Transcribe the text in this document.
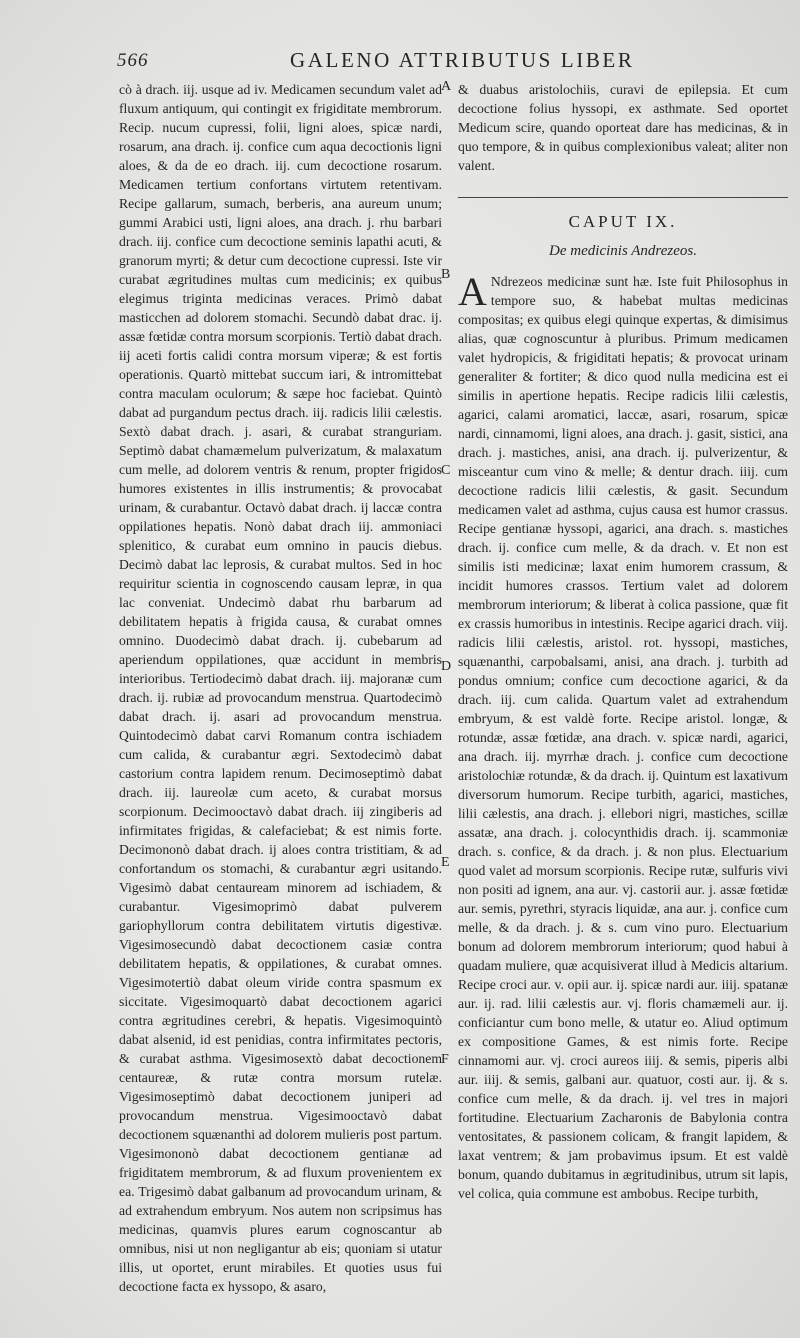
566	GALENO ATTRIBUTUS LIBER

cò à drach. iij. usque ad iv. Medicamen secundum valet ad fluxum antiquum, qui contingit ex frigiditate membrorum. Recip. nucum cupressi, folii, ligni aloes, spicæ nardi, rosarum, ana drach. ij. confice cum aqua decoctionis ligni aloes, & da de eo drach. iij. cum decoctione rosarum. Medicamen tertium confortans virtutem retentivam. Recipe gallarum, sumach, berberis, ana aureum unum; gummi Arabici usti, ligni aloes, ana drach. j. rhu barbari drach. iij. confice cum decoctione seminis lapathi acuti, & granorum myrti; & detur cum decoctione cupressi. Iste vir curabat ægritudines multas cum medicinis; ex quibus elegimus triginta medicinas veraces. Primò dabat masticchen ad dolorem stomachi. Secundò dabat drac. ij. assæ fœtidæ contra morsum scorpionis. Tertiò dabat drach. iij aceti fortis calidi contra morsum viperæ; & est fortis operationis. Quartò mittebat succum iari, & intromittebat contra maculam oculorum; & sæpe hoc faciebat. Quintò dabat ad purgandum pectus drach. iij. radicis lilii cælestis. Sextò dabat drach. j. asari, & curabat stranguriam. Septimò dabat chamæmelum pulverizatum, & malaxatum cum melle, ad dolorem ventris & renum, propter frigidos humores existentes in illis instrumentis; & provocabat urinam, & curabantur. Octavò dabat drach. ij laccæ contra oppilationes hepatis. Nonò dabat drach iij. ammoniaci splenitico, & curabat eum omnino in paucis diebus. Decimò dabat lac leprosis, & curabat multos. Sed in hoc requiritur scientia in cognoscendo causam lepræ, in qua lac conveniat. Undecimò dabat rhu barbarum ad debilitatem hepatis à frigida causa, & curabat omnes omnino. Duodecimò dabat drach. ij. cubebarum ad aperiendum oppilationes, quæ accidunt in membris interioribus. Tertiodecimò dabat drach. iij. majoranæ cum drach. ij. rubiæ ad provocandum menstrua. Quartodecimò dabat drach. ij. asari ad provocandum menstrua. Quintodecimò dabat carvi Romanum contra ischiadem cum calida, & curabantur ægri. Sextodecimò dabat castorium contra lapidem renum. Decimoseptimò dabat drach. iij. laureolæ cum aceto, & curabat morsus scorpionum. Decimooctavò dabat drach. iij zingiberis ad infirmitates frigidas, & calefaciebat; & est nimis forte. Decimononò dabat drach. ij aloes contra tristitiam, & ad confortandum os stomachi, & curabantur ægri usitando. Vigesimò dabat centauream minorem ad ischiadem, & curabantur. Vigesimoprimò dabat pulverem gariophyllorum contra debilitatem virtutis digestivæ. Vigesimosecundò dabat decoctionem casiæ contra debilitatem hepatis, & oppilationes, & curabat omnes. Vigesimotertiò dabat oleum viride contra spasmum ex siccitate. Vigesimoquartò dabat decoctionem agarici contra ægritudines cerebri, & hepatis. Vigesimoquintò dabat alsenid, id est penidias, contra infirmitates pectoris, & curabat asthma. Vigesimosextò dabat decoctionem centaureæ, & rutæ contra morsum rutelæ. Vigesimoseptimò dabat decoctionem juniperi ad provocandum menstrua. Vigesimooctavò dabat decoctionem squænanthi ad dolorem mulieris post partum. Vigesimononò dabat decoctionem gentianæ ad frigiditatem membrorum, & ad fluxum provenientem ex ea. Trigesimò dabat galbanum ad provocandum urinam, & ad extrahendum embryum. Nos autem non scripsimus has medicinas, quamvis plures earum cognoscantur ab omnibus, nisi ut non negligantur ab eis; quoniam si utatur illis, ut oportet, erunt mirabiles. Et quoties usus fui decoctione facta ex hyssopo, & asaro,

& duabus aristolochiis, curavi de epilepsia. Et cum decoctione folius hyssopi, ex asthmate. Sed oportet Medicum scire, quando oporteat dare has medicinas, & in quo tempore, & in quibus complexionibus valeat; aliter non valent.

CAPUT IX.
De medicinis Andrezeos.

A Ndrezeos medicinæ sunt hæ. Iste fuit Philosophus in tempore suo, & habebat multas medicinas compositas; ex quibus elegi quinque expertas, & dimisimus alias, quæ cognoscuntur à pluribus. Primum medicamen valet hydropicis, & frigiditati hepatis; & provocat urinam generaliter & fortiter; & dico quod nulla medicina est ei similis in apertione hepatis. Recipe radicis lilii cælestis, agarici, calami aromatici, laccæ, asari, rosarum, spicæ nardi, cinnamomi, ligni aloes, ana drach. j. gasit, sistici, ana drach. j. mastiches, anisi, ana drach. ij. pulverizentur, & misceantur cum vino & melle; & dentur drach. iiij. cum decoctione radicis lilii cælestis, & gasit. Secundum medicamen valet ad asthma, cujus causa est humor crassus. Recipe gentianæ hyssopi, agarici, ana drach. s. mastiches drach. ij. confice cum melle, & da drach. v. Et non est similis isti medicinæ; laxat enim humorem crassum, & incidit humores crassos. Tertium valet ad dolorem membrorum interiorum; & liberat à colica passione, quæ fit ex crassis humoribus in intestinis. Recipe agarici drach. viij. radicis lilii cælestis, aristol. rot. hyssopi, mastiches, squænanthi, carpobalsami, anisi, ana drach. j. turbith ad pondus omnium; confice cum decoctione agarici, & da drach. iij. cum calida. Quartum valet ad extrahendum embryum, & est valdè forte. Recipe aristol. longæ, & rotundæ, assæ fœtidæ, ana drach. v. spicæ nardi, agarici, ana drach. iij. myrrhæ drach. j. confice cum decoctione aristolochiæ rotundæ, & da drach. ij. Quintum est laxativum diversorum humorum. Recipe turbith, agarici, mastiches, lilii cælestis, ana drach. j. ellebori nigri, mastiches, scillæ assatæ, ana drach. j. colocynthidis drach. ij. scammoniæ drach. s. confice, & da drach. j. & non plus. Electuarium quod valet ad morsum scorpionis. Recipe rutæ, sulfuris vivi non positi ad ignem, ana aur. vj. castorii aur. j. assæ fœtidæ aur. semis, pyrethri, styracis liquidæ, ana aur. j. confice cum melle, & da drach. j. & s. cum vino puro. Electuarium bonum ad dolorem membrorum interiorum; quod habui à quadam muliere, quæ acquisiverat illud à Medicis altarium. Recipe croci aur. v. opii aur. ij. spicæ nardi aur. iiij. spatanæ aur. ij. rad. lilii cælestis aur. vj. floris chamæmeli aur. ij. conficiantur cum bono melle, & utatur eo. Aliud optimum ex compositione Games, & est nimis forte. Recipe cinnamomi aur. vj. croci aureos iiij. & semis, piperis albi aur. iiij. & semis, galbani aur. quatuor, costi aur. ij. & s. confice cum melle, & da drach. ij. vel tres in majori fortitudine. Electuarium Zacharonis de Babylonia contra ventositates, & passionem colicam, & frangit lapidem, & laxat ventrem; & jam probavimus ipsum. Et est valdè bonum, quando dubitamus in ægritudinibus, utrum sit lapis, vel colica, quia commune est ambobus. Recipe turbith,

A
B
C
D
E
F
